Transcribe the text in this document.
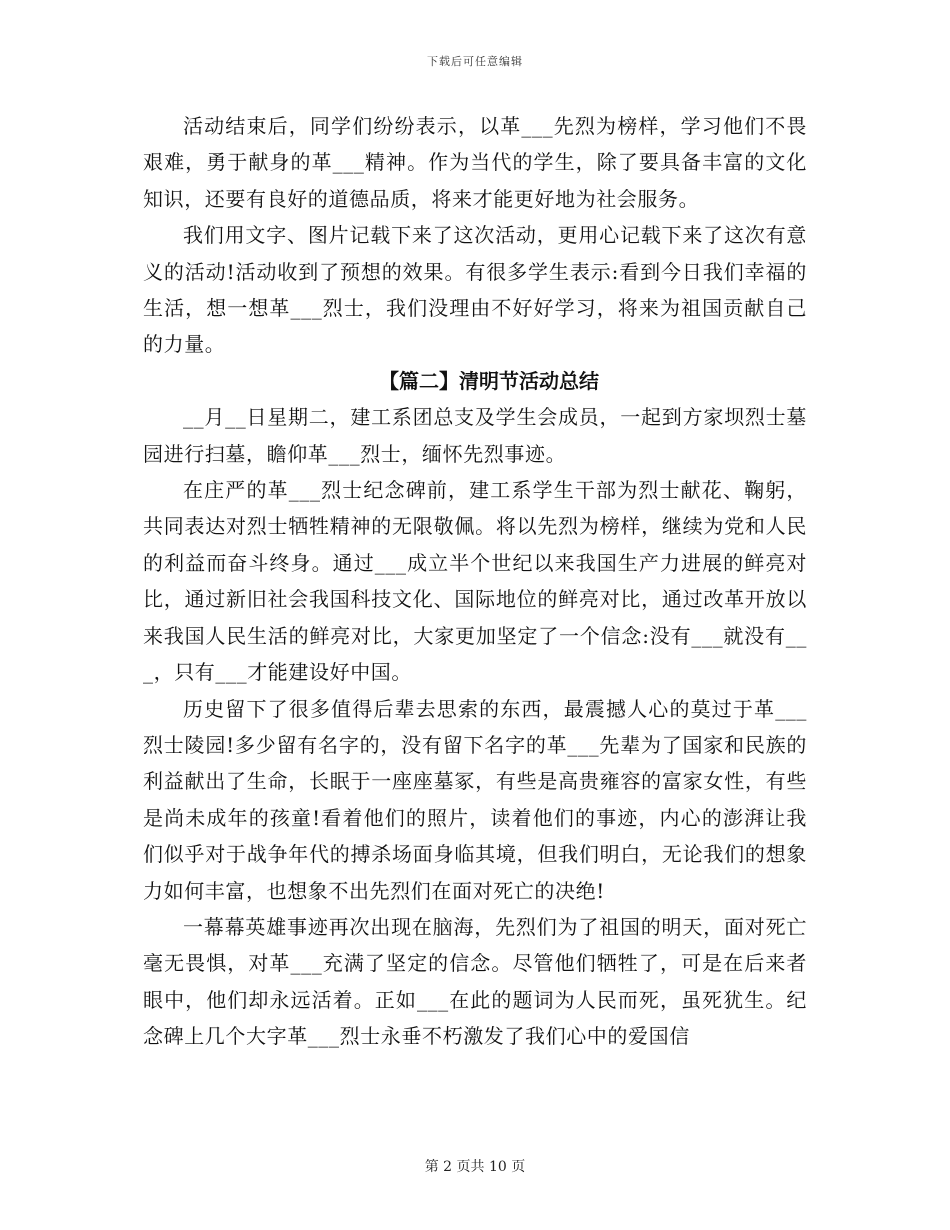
下载后可任意编辑

活动结束后，同学们纷纷表示，以革___先烈为榜样，学习他们不畏艰难，勇于献身的革___精神。作为当代的学生，除了要具备丰富的文化知识，还要有良好的道德品质，将来才能更好地为社会服务。

我们用文字、图片记载下来了这次活动，更用心记载下来了这次有意义的活动!活动收到了预想的效果。有很多学生表示:看到今日我们幸福的生活，想一想革___烈士，我们没理由不好好学习，将来为祖国贡献自己的力量。

【篇二】清明节活动总结

__月__日星期二，建工系团总支及学生会成员，一起到方家坝烈士墓园进行扫墓，瞻仰革___烈士，缅怀先烈事迹。

在庄严的革___烈士纪念碑前，建工系学生干部为烈士献花、鞠躬，共同表达对烈士牺牲精神的无限敬佩。将以先烈为榜样，继续为党和人民的利益而奋斗终身。通过___成立半个世纪以来我国生产力进展的鲜亮对比，通过新旧社会我国科技文化、国际地位的鲜亮对比，通过改革开放以来我国人民生活的鲜亮对比，大家更加坚定了一个信念:没有___就没有___，只有___才能建设好中国。

历史留下了很多值得后辈去思索的东西，最震撼人心的莫过于革___烈士陵园!多少留有名字的，没有留下名字的革___先辈为了国家和民族的利益献出了生命，长眠于一座座墓冢，有些是高贵雍容的富家女性，有些是尚未成年的孩童!看着他们的照片，读着他们的事迹，内心的澎湃让我们似乎对于战争年代的搏杀场面身临其境，但我们明白，无论我们的想象力如何丰富，也想象不出先烈们在面对死亡的决绝!

一幕幕英雄事迹再次出现在脑海，先烈们为了祖国的明天，面对死亡毫无畏惧，对革___充满了坚定的信念。尽管他们牺牲了，可是在后来者眼中，他们却永远活着。正如___在此的题词为人民而死，虽死犹生。纪念碑上几个大字革___烈士永垂不朽激发了我们心中的爱国信

第 2 页共 10 页
